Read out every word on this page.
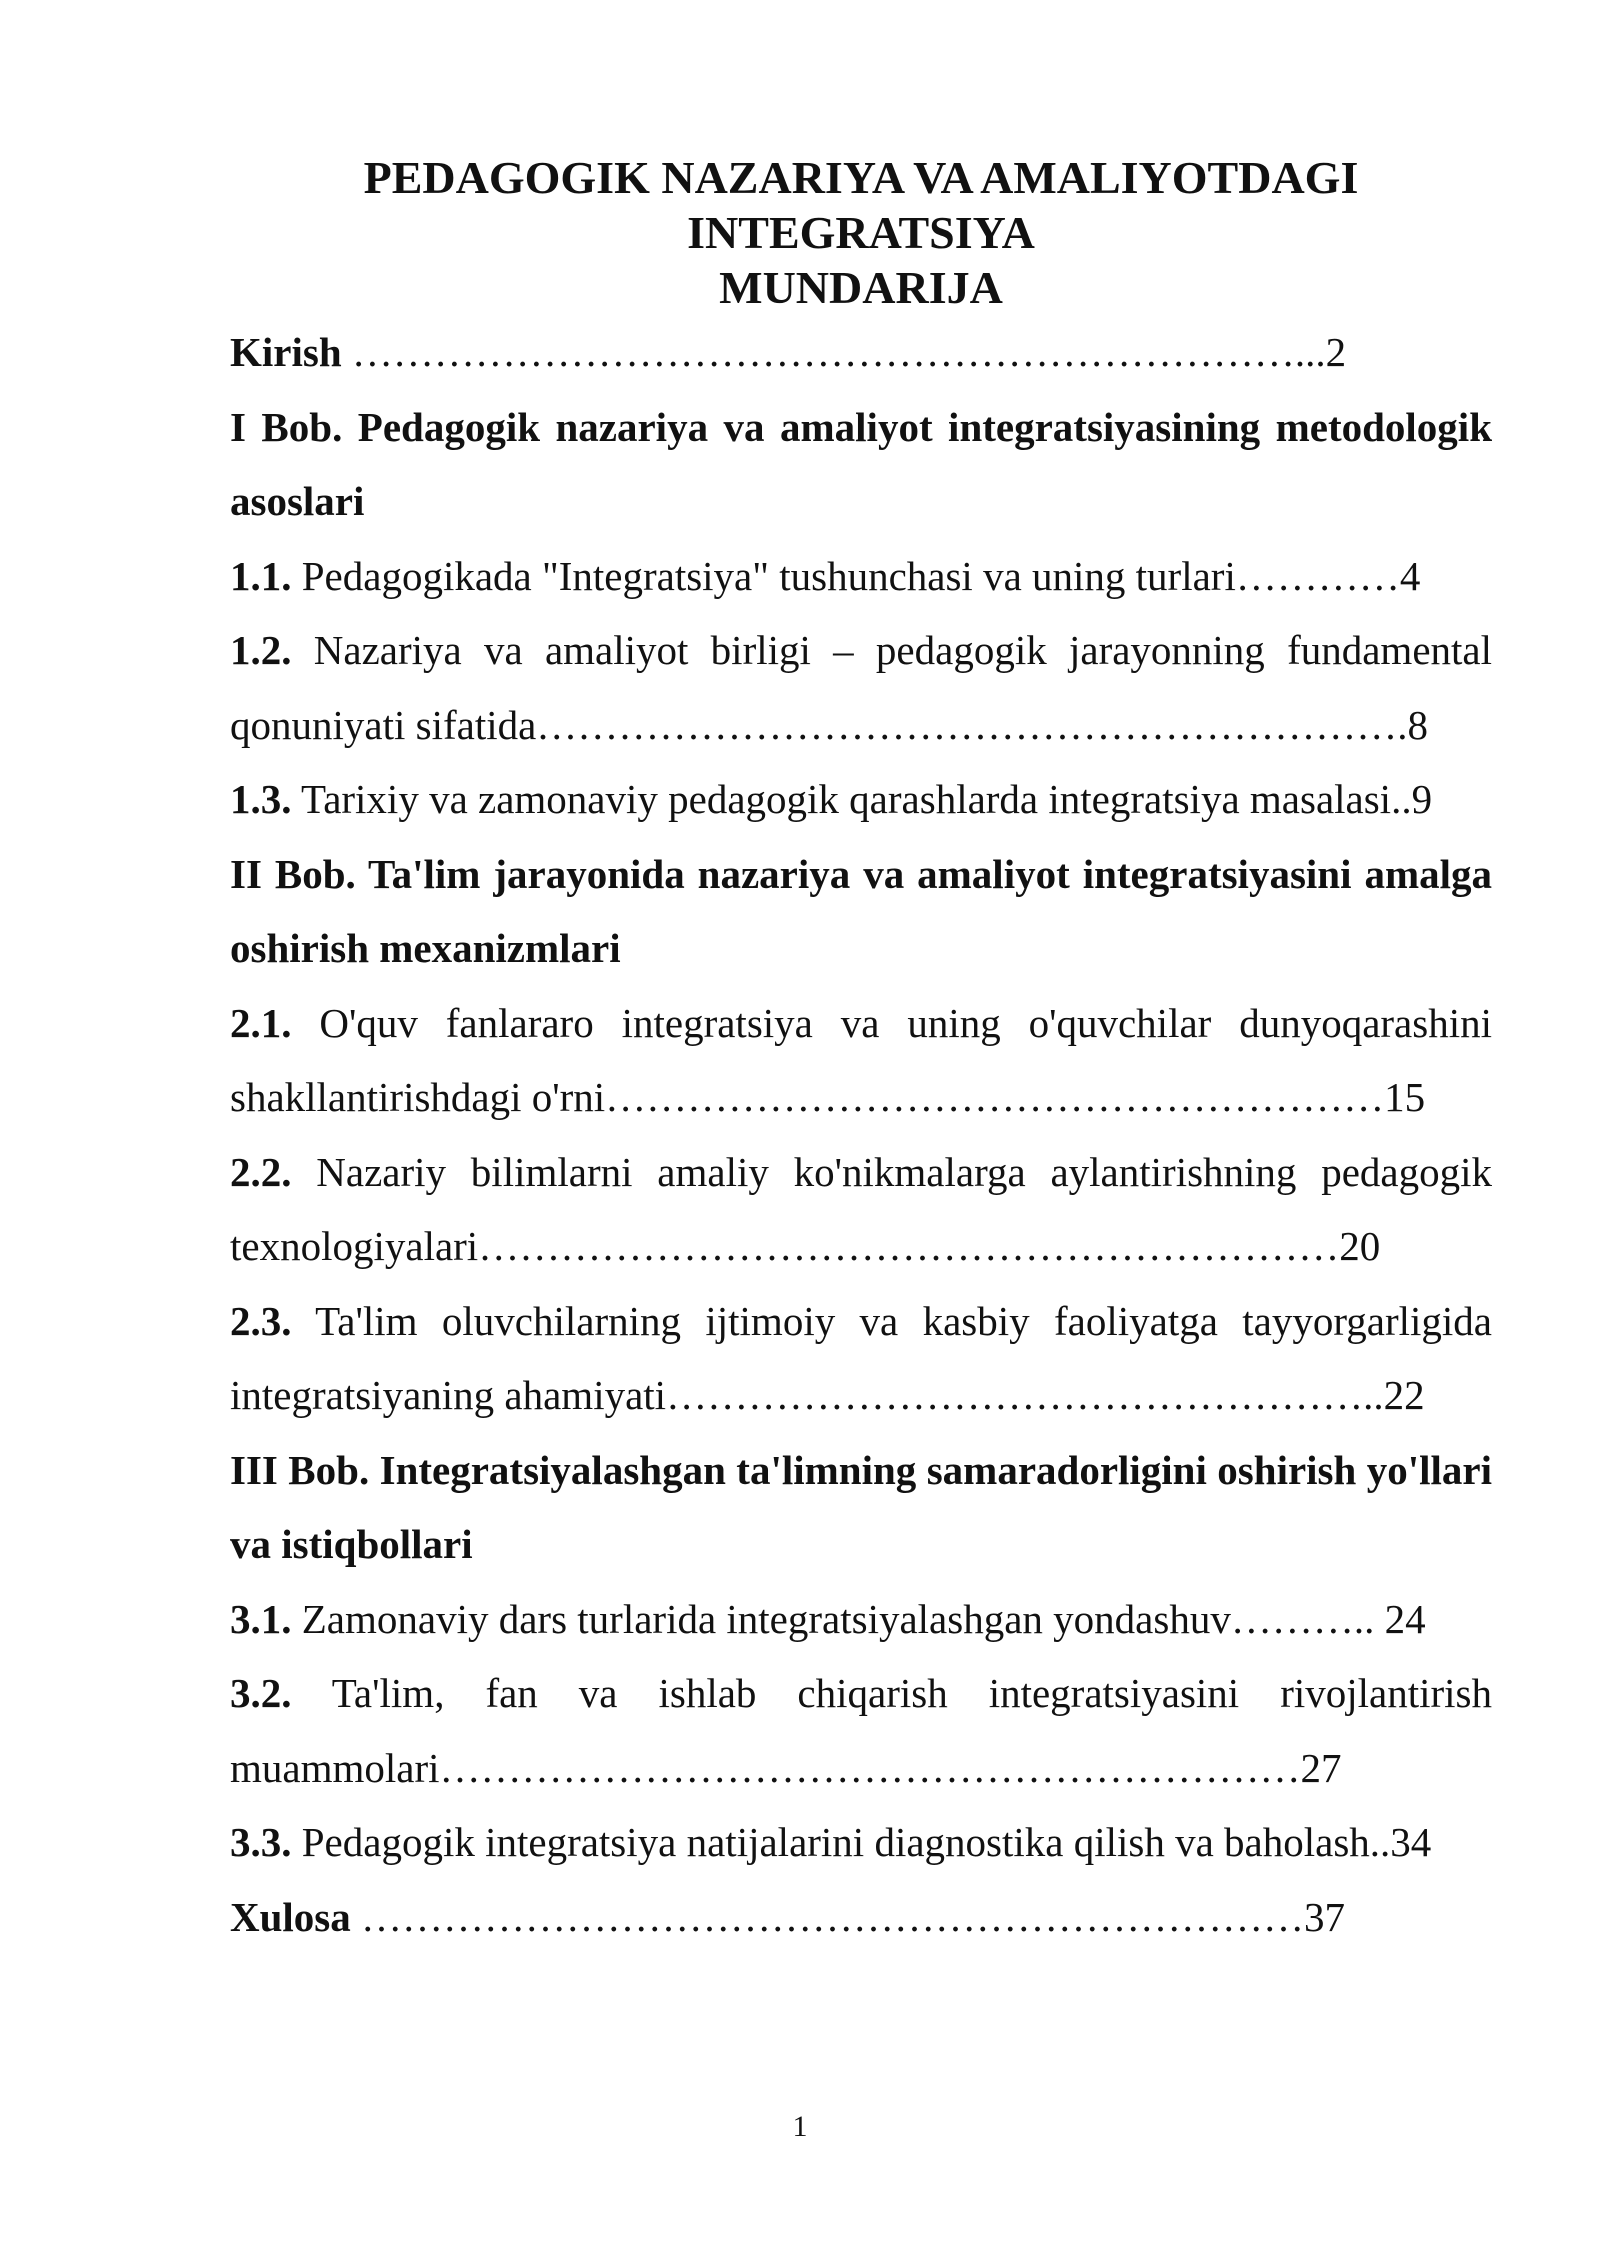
PEDAGOGIK NAZARIYA VA AMALIYOTDAGI
INTEGRATSIYA
MUNDARIJA
Kirish ……………………………………………………………...2
I Bob. Pedagogik nazariya va amaliyot integratsiyasining metodologik asoslari
1.1. Pedagogikada "Integratsiya" tushunchasi va uning turlari…………4
1.2. Nazariya va amaliyot birligi – pedagogik jarayonning fundamental qonuniyati sifatida……………………………………………………….8
1.3. Tarixiy va zamonaviy pedagogik qarashlarda integratsiya masalasi..9
II Bob. Ta'lim jarayonida nazariya va amaliyot integratsiyasini amalga oshirish mexanizmlari
2.1. O'quv fanlararo integratsiya va uning o'quvchilar dunyoqarashini shakllantirishdagi o'rni…………………………………………………15
2.2. Nazariy bilimlarni amaliy ko'nikmalarga aylantirishning pedagogik texnologiyalari………………………………………………………20
2.3. Ta'lim oluvchilarning ijtimoiy va kasbiy faoliyatga tayyorgarligida integratsiyaning ahamiyati……………………………………………..22
III Bob. Integratsiyalashgan ta'limning samaradorligini oshirish yo'llari va istiqbollari
3.1. Zamonaviy dars turlarida integratsiyalashgan yondashuv……….. 24
3.2. Ta'lim, fan va ishlab chiqarish integratsiyasini rivojlantirish muammolari………………………………………………………27
3.3. Pedagogik integratsiya natijalarini diagnostika qilish va baholash..34
Xulosa ……………………………………………………………37
1
